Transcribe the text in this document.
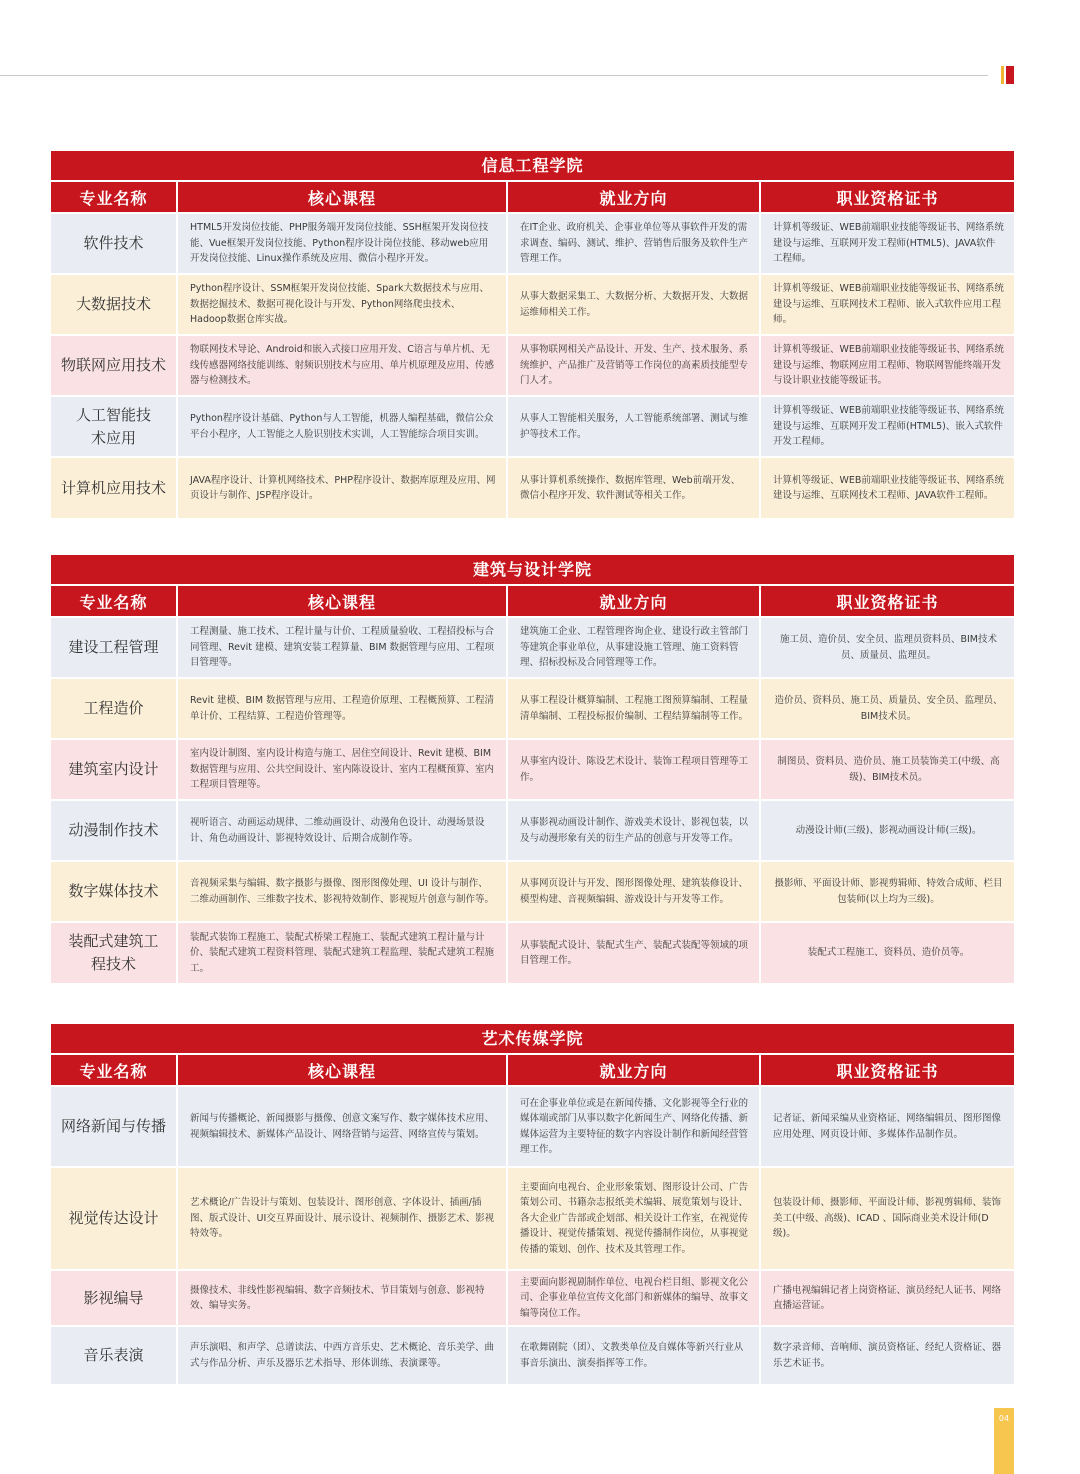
信息工程学院
专业名称	核心课程	就业方向	职业资格证书
软件技术	HTML5开发岗位技能、PHP服务端开发岗位技能、SSH框架开发岗位技能、Vue框架开发岗位技能、Python程序设计岗位技能、移动web应用开发岗位技能、Linux操作系统及应用、微信小程序开发。	在IT企业、政府机关、企事业单位等从事软件开发的需求调查、编码、测试、维护、营销售后服务及软件生产管理工作。	计算机等级证、WEB前端职业技能等级证书、网络系统建设与运维、互联网开发工程师(HTML5)、JAVA软件工程师。
大数据技术	Python程序设计、SSM框架开发岗位技能、Spark大数据技术与应用、数据挖掘技术、数据可视化设计与开发、Python网络爬虫技术、Hadoop数据仓库实战。	从事大数据采集工、大数据分析、大数据开发、大数据运维师相关工作。	计算机等级证、WEB前端职业技能等级证书、网络系统建设与运维、互联网技术工程师、嵌入式软件应用工程师。
物联网应用技术	物联网技术导论、Android和嵌入式接口应用开发、C语言与单片机、无线传感器网络技能训练、射频识别技术与应用、单片机原理及应用、传感器与检测技术。	从事物联网相关产品设计、开发、生产、技术服务、系统维护、产品推广及营销等工作岗位的高素质技能型专门人才。	计算机等级证、WEB前端职业技能等级证书、网络系统建设与运维、物联网应用工程师、物联网智能终端开发与设计职业技能等级证书。
人工智能技术应用	Python程序设计基础、Python与人工智能，机器人编程基础，微信公众平台小程序，人工智能之人脸识别技术实训，人工智能综合项目实训。	从事人工智能相关服务，人工智能系统部署、测试与维护等技术工作。	计算机等级证、WEB前端职业技能等级证书、网络系统建设与运维、互联网开发工程师(HTML5)、嵌入式软件开发工程师。
计算机应用技术	JAVA程序设计、计算机网络技术、PHP程序设计、数据库原理及应用、网页设计与制作、JSP程序设计。	从事计算机系统操作、数据库管理、Web前端开发、微信小程序开发、软件测试等相关工作。	计算机等级证、WEB前端职业技能等级证书、网络系统建设与运维、互联网技术工程师、JAVA软件工程师。
建筑与设计学院
专业名称	核心课程	就业方向	职业资格证书
建设工程管理	工程测量、施工技术、工程计量与计价、工程质量验收、工程招投标与合同管理、Revit 建模、建筑安装工程算量、BIM 数据管理与应用、工程项目管理等。	建筑施工企业、工程管理咨询企业、建设行政主管部门等建筑企事业单位，从事建设施工管理、施工资料管理、招标投标及合同管理等工作。	施工员、造价员、安全员、监理员资料员、BIM技术员、质量员、监理员。
工程造价	Revit 建模、BIM 数据管理与应用、工程造价原理、工程概预算、工程清单计价、工程结算、工程造价管理等。	从事工程设计概算编制、工程施工图预算编制、工程量清单编制、工程投标报价编制、工程结算编制等工作。	造价员、资料员、施工员、质量员、安全员、监理员、BIM技术员。
建筑室内设计	室内设计制图、室内设计构造与施工、居住空间设计、Revit 建模、BIM 数据管理与应用、公共空间设计、室内陈设设计、室内工程概预算、室内工程项目管理等。	从事室内设计、陈设艺术设计、装饰工程项目管理等工作。	制图员、资料员、造价员、施工员装饰美工(中级、高级)、BIM技术员。
动漫制作技术	视听语言、动画运动规律、二维动画设计、动漫角色设计、动漫场景设计、角色动画设计、影视特效设计、后期合成制作等。	从事影视动画设计制作、游戏美术设计、影视包装，以及与动漫形象有关的衍生产品的创意与开发等工作。	动漫设计师(三级)、影视动画设计师(三级)。
数字媒体技术	音视频采集与编辑、数字摄影与摄像、图形图像处理、UI 设计与制作、二维动画制作、三维数字技术、影视特效制作、影视短片创意与制作等。	从事网页设计与开发、图形图像处理、建筑装修设计、模型构建、音视频编辑、游戏设计与开发等工作。	摄影师、平面设计师、影视剪辑师、特效合成师、栏目包装师(以上均为三级)。
装配式建筑工程技术	装配式装饰工程施工、装配式桥梁工程施工、装配式建筑工程计量与计价、装配式建筑工程资料管理、装配式建筑工程监理、装配式建筑工程施工。	从事装配式设计、装配式生产、装配式装配等领域的项目管理工作。	装配式工程施工、资料员、造价员等。
艺术传媒学院
专业名称	核心课程	就业方向	职业资格证书
网络新闻与传播	新闻与传播概论、新闻摄影与摄像、创意文案写作、数字媒体技术应用、视频编辑技术、新媒体产品设计、网络营销与运营、网络宣传与策划。	可在企事业单位或是在新闻传播、文化影视等全行业的媒体端或部门从事以数字化新闻生产、网络化传播、新媒体运营为主要特征的数字内容设计制作和新闻经营管理工作。	记者证、新闻采编从业资格证、网络编辑员、图形图像应用处理、网页设计师、多媒体作品制作员。
视觉传达设计	艺术概论/广告设计与策划、包装设计、图形创意、字体设计、插画/插图、版式设计、UI交互界面设计、展示设计、视频制作、摄影艺术、影视特效等。	主要面向电视台、企业形象策划、图形设计公司、广告策划公司、书籍杂志报纸美术编辑、展览策划与设计、各大企业广告部或企划部、相关设计工作室，在视觉传播设计、视觉传播策划、视觉传播制作岗位，从事视觉传播的策划、创作、技术及其管理工作。	包装设计师、摄影师、平面设计师、影视剪辑师、装饰美工(中级、高级)、ICAD 、国际商业美术设计师(D级)。
影视编导	摄像技术、非线性影视编辑、数字音频技术、节目策划与创意、影视特效、编导实务。	主要面向影视剧制作单位、电视台栏目组、影视文化公司、企事业单位宣传文化部门和新媒体的编导、故事文编等岗位工作。	广播电视编辑记者上岗资格证、演员经纪人证书、网络直播运营证。
音乐表演	声乐演唱、和声学、总谱读法、中西方音乐史、艺术概论、音乐美学、曲式与作品分析、声乐及器乐艺术指导、形体训练、表演课等。	在歌舞剧院（团）、文教类单位及自媒体等新兴行业从事音乐演出、演奏指挥等工作。	数字录音师、音响师、演员资格证、经纪人资格证、器乐艺术证书。
04
